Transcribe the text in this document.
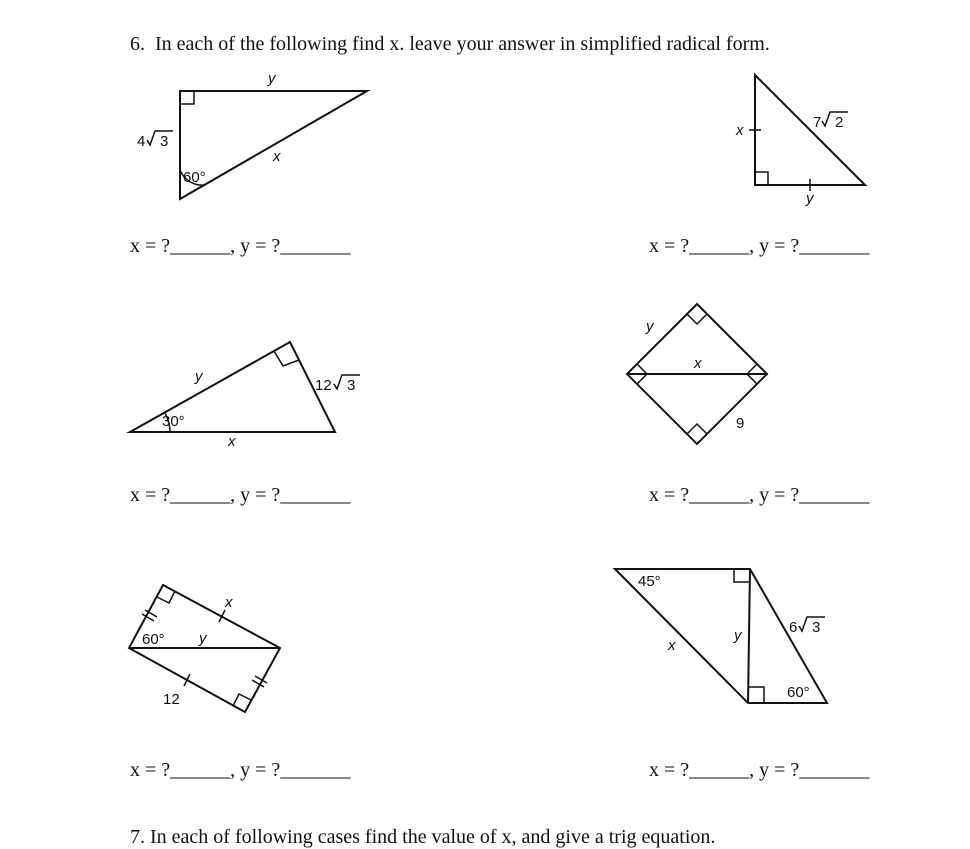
6. In each of the following find x. leave your answer in simplified radical form.
y
x
4 3
60°
x
y
7 2
y
x
12 3
30°
y
x
9
x
y
60°
12
45°
x
y	6 3
60°
x = ?______, y = ?_______	x = ?______, y = ?_______
x = ?______, y = ?_______	x = ?______, y = ?_______
x = ?______, y = ?_______	x = ?______, y = ?_______
7. In each of following cases find the value of x, and give a trig equation.
